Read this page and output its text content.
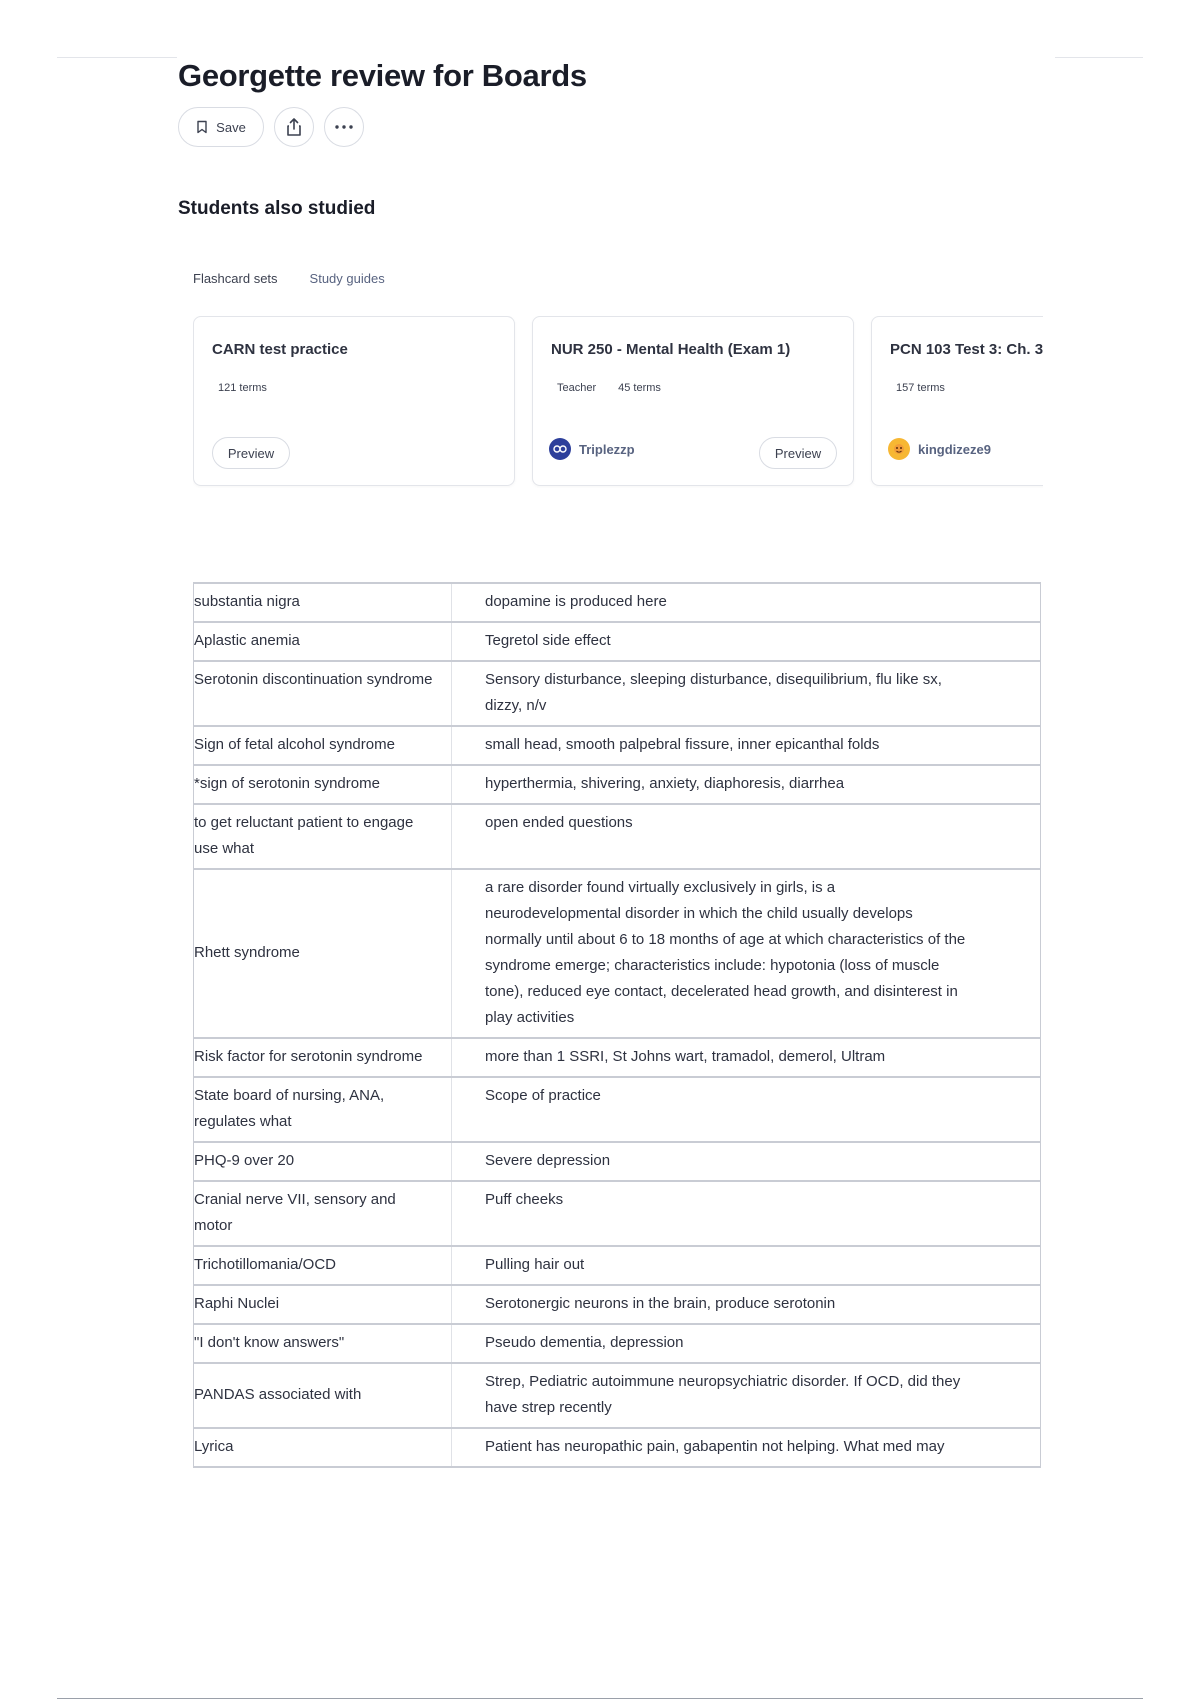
Georgette review for Boards
Save
Students also studied
Flashcard sets Study guides
CARN test practice
121 terms
Preview
NUR 250 - Mental Health (Exam 1)
Teacher 45 terms
Triplezzp	Preview
PCN 103 Test 3: Ch. 3
157 terms
kingdizeze9
substantia nigra	dopamine is produced here
Aplastic anemia	Tegretol side effect
Serotonin discontinuation syndrome	Sensory disturbance, sleeping disturbance, disequilibrium, flu like sx, dizzy, n/v
Sign of fetal alcohol syndrome	small head, smooth palpebral fissure, inner epicanthal folds
*sign of serotonin syndrome	hyperthermia, shivering, anxiety, diaphoresis, diarrhea
to get reluctant patient to engage use what	open ended questions
Rhett syndrome	a rare disorder found virtually exclusively in girls, is a neurodevelopmental disorder in which the child usually develops normally until about 6 to 18 months of age at which characteristics of the syndrome emerge; characteristics include: hypotonia (loss of muscle tone), reduced eye contact, decelerated head growth, and disinterest in play activities
Risk factor for serotonin syndrome	more than 1 SSRI, St Johns wart, tramadol, demerol, Ultram
State board of nursing, ANA, regulates what	Scope of practice
PHQ-9 over 20	Severe depression
Cranial nerve VII, sensory and motor	Puff cheeks
Trichotillomania/OCD	Pulling hair out
Raphi Nuclei	Serotonergic neurons in the brain, produce serotonin
"I don't know answers"	Pseudo dementia, depression
PANDAS associated with	Strep, Pediatric autoimmune neuropsychiatric disorder. If OCD, did they have strep recently
Lyrica	Patient has neuropathic pain, gabapentin not helping. What med may
